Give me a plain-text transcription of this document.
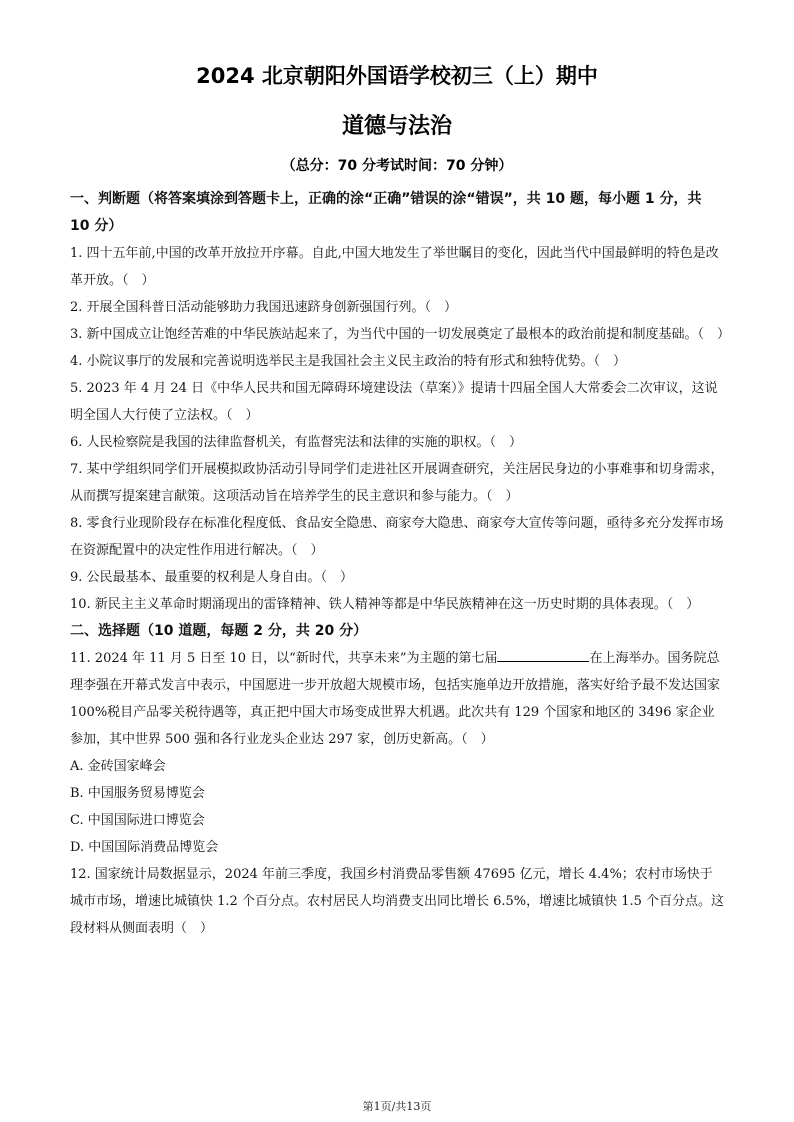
2024 北京朝阳外国语学校初三（上）期中
道德与法治
（总分：70 分考试时间：70 分钟）

一、判断题（将答案填涂到答题卡上，正确的涂“正确”错误的涂“错误”，共 10 题，每小题 1 分，共 10 分）

1. 四十五年前,中国的改革开放拉开序幕。自此,中国大地发生了举世瞩目的变化，因此当代中国最鲜明的特色是改革开放。（　）

2. 开展全国科普日活动能够助力我国迅速跻身创新强国行列。（　）

3. 新中国成立让饱经苦难的中华民族站起来了，为当代中国的一切发展奠定了最根本的政治前提和制度基础。（　）

4. 小院议事厅的发展和完善说明选举民主是我国社会主义民主政治的特有形式和独特优势。（　）

5. 2023 年 4 月 24 日《中华人民共和国无障碍环境建设法（草案）》提请十四届全国人大常委会二次审议，这说明全国人大行使了立法权。（　）

6. 人民检察院是我国的法律监督机关，有监督宪法和法律的实施的职权。（　）

7. 某中学组织同学们开展模拟政协活动引导同学们走进社区开展调查研究，关注居民身边的小事难事和切身需求，从而撰写提案建言献策。这项活动旨在培养学生的民主意识和参与能力。（　）

8. 零食行业现阶段存在标准化程度低、食品安全隐患、商家夸大隐患、商家夸大宣传等问题，亟待多充分发挥市场在资源配置中的决定性作用进行解决。（　）

9. 公民最基本、最重要的权利是人身自由。（　）

10. 新民主主义革命时期涌现出的雷锋精神、铁人精神等都是中华民族精神在这一历史时期的具体表现。（　）

二、选择题（10 道题，每题 2 分，共 20 分）

11. 2024 年 11 月 5 日至 10 日，以“新时代，共享未来”为主题的第七届	在上海举办。国务院总理李强在开幕式发言中表示，中国愿进一步开放超大规模市场，包括实施单边开放措施，落实好给予最不发达国家 100%税目产品零关税待遇等，真正把中国大市场变成世界大机遇。此次共有 129 个国家和地区的 3496 家企业参加，其中世界 500 强和各行业龙头企业达 297 家，创历史新高。（　）

A. 金砖国家峰会

B. 中国服务贸易博览会

C. 中国国际进口博览会

D. 中国国际消费品博览会

12. 国家统计局数据显示，2024 年前三季度，我国乡村消费品零售额 47695 亿元，增长 4.4%；农村市场快于城市市场，增速比城镇快 1.2 个百分点。农村居民人均消费支出同比增长 6.5%，增速比城镇快 1.5 个百分点。这段材料从侧面表明（　）

第1页/共13页
